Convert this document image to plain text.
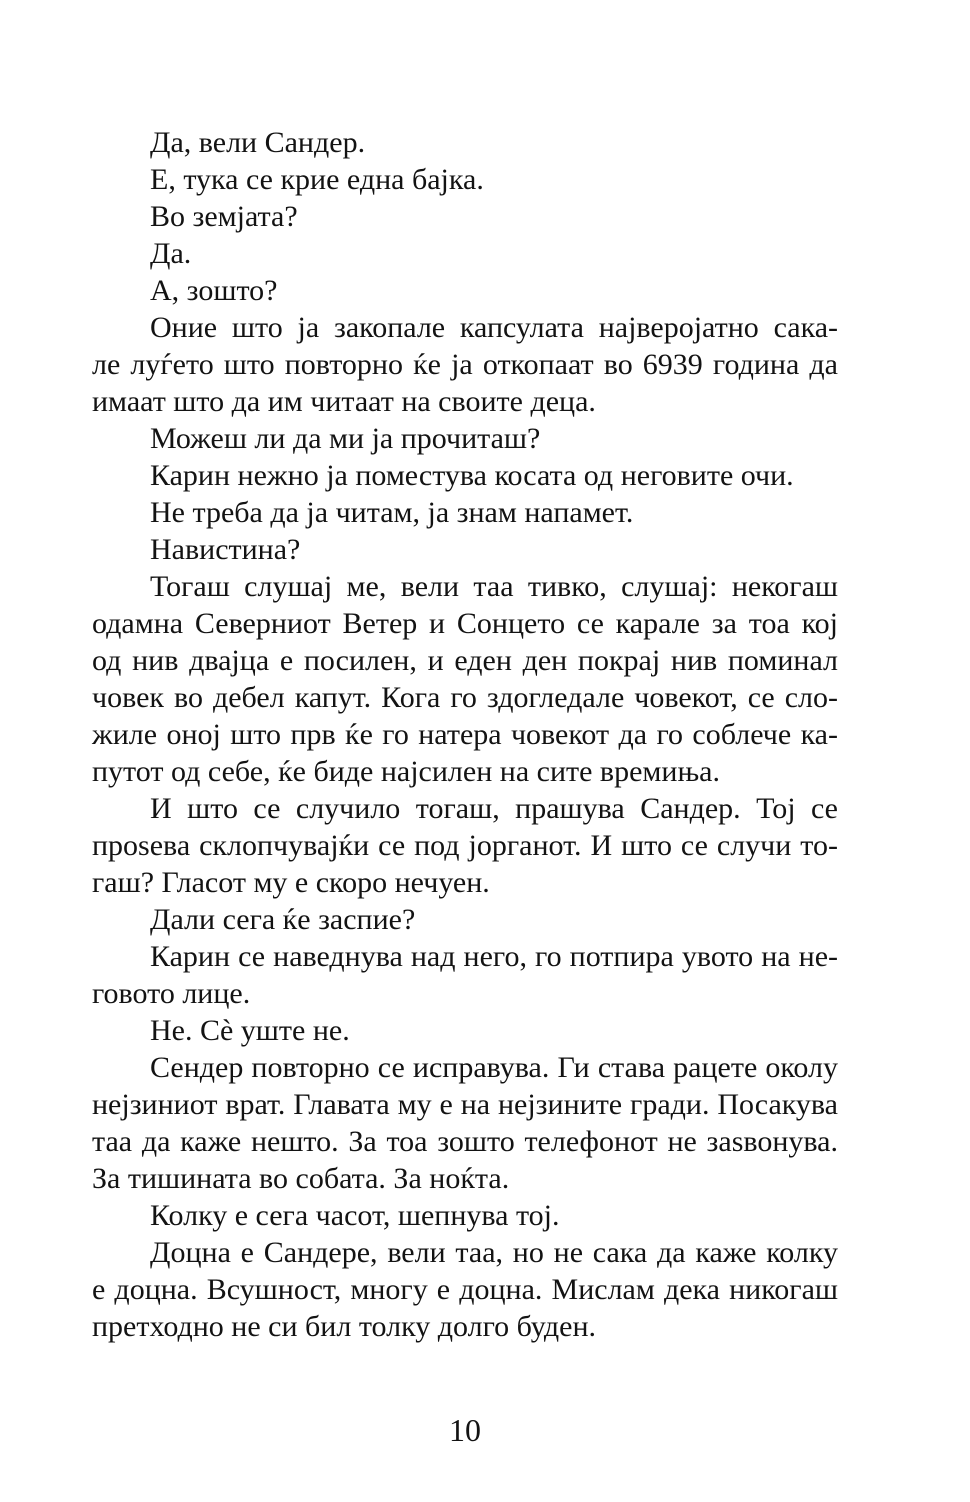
Да, вели Сандер.
Е, тука се крие една бајка.
Во земјата?
Да.
А, зошто?
Оние што ја закопале капсулата најверојатно сака-
ле луѓето што повторно ќе ја откопаат во 6939 година да
имаат што да им читаат на своите деца.
Можеш ли да ми ја прочиташ?
Карин нежно ја поместува косата од неговите очи.
Не треба да ја читам, ја знам напамет.
Навистина?
Тогаш слушај ме, вели таа тивко, слушај: некогаш
одамна Северниот Ветер и Сонцето се карале за тоа кој
од нив двајца е посилен, и еден ден покрај нив поминал
човек во дебел капут. Кога го здогледале човекот, се сло-
жиле оној што прв ќе го натера човекот да го соблече ка-
путот од себе, ќе биде најсилен на сите времиња.
И што се случило тогаш, прашува Сандер. Тој се
проѕева склопчувајќи се под јорганот. И што се случи то-
гаш? Гласот му е скоро нечуен.
Дали сега ќе заспие?
Карин се наведнува над него, го потпира увото на не-
говото лице.
Не. Сѐ уште не.
Сендер повторно се исправува. Ги става рацете околу
нејзиниот врат. Главата му е на нејзините гради. Посакува
таа да каже нешто. За тоа зошто телефонот не заѕвонува.
За тишината во собата. За ноќта.
Колку е сега часот, шепнува тој.
Доцна е Сандере, вели таа, но не сака да каже колку
е доцна. Всушност, многу е доцна. Мислам дека никогаш
претходно не си бил толку долго буден.
10
